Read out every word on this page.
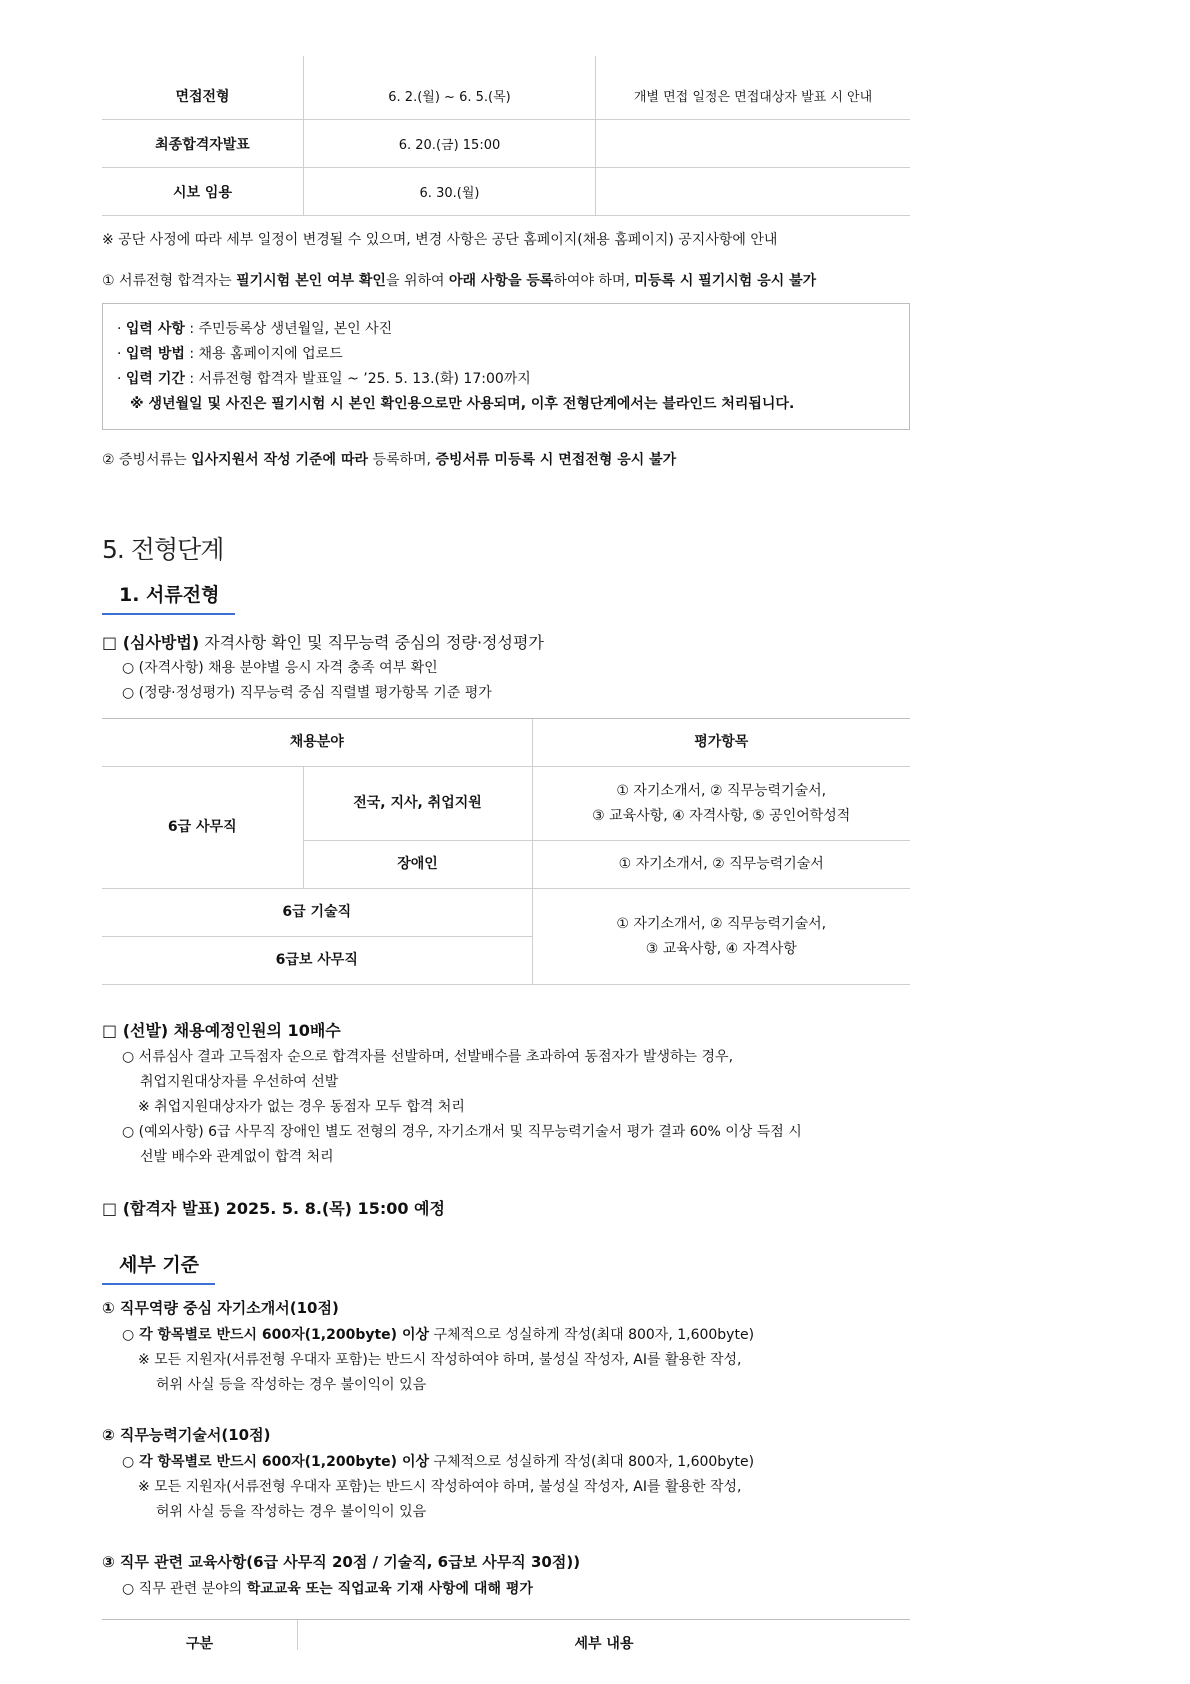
면접전형	6. 2.(월) ~ 6. 5.(목)	개별 면접 일정은 면접대상자 발표 시 안내
최종합격자발표	6. 20.(금) 15:00	
시보 임용	6. 30.(월)	
※ 공단 사정에 따라 세부 일정이 변경될 수 있으며, 변경 사항은 공단 홈페이지(채용 홈페이지) 공지사항에 안내
① 서류전형 합격자는 필기시험 본인 여부 확인을 위하여 아래 사항을 등록하여야 하며, 미등록 시 필기시험 응시 불가
· 입력 사항 : 주민등록상 생년월일, 본인 사진
· 입력 방법 : 채용 홈페이지에 업로드
· 입력 기간 : 서류전형 합격자 발표일 ~ ’25. 5. 13.(화) 17:00까지
※ 생년월일 및 사진은 필기시험 시 본인 확인용으로만 사용되며, 이후 전형단계에서는 블라인드 처리됩니다.
② 증빙서류는 입사지원서 작성 기준에 따라 등록하며, 증빙서류 미등록 시 면접전형 응시 불가
5. 전형단계
1. 서류전형
□ (심사방법) 자격사항 확인 및 직무능력 중심의 정량·정성평가
○ (자격사항) 채용 분야별 응시 자격 충족 여부 확인
○ (정량·정성평가) 직무능력 중심 직렬별 평가항목 기준 평가
채용분야		평가항목
6급 사무직	전국, 지사, 취업지원	① 자기소개서, ② 직무능력기술서,
③ 교육사항, ④ 자격사항, ⑤ 공인어학성적

	장애인	① 자기소개서, ② 직무능력기술서
6급 기술직		① 자기소개서, ② 직무능력기술서,
③ 교육사항, ④ 자격사항

6급보 사무직		
□ (선발) 채용예정인원의 10배수
○ 서류심사 결과 고득점자 순으로 합격자를 선발하며, 선발배수를 초과하여 동점자가 발생하는 경우,
취업지원대상자를 우선하여 선발
※ 취업지원대상자가 없는 경우 동점자 모두 합격 처리
○ (예외사항) 6급 사무직 장애인 별도 전형의 경우, 자기소개서 및 직무능력기술서 평가 결과 60% 이상 득점 시
선발 배수와 관계없이 합격 처리
□ (합격자 발표) 2025. 5. 8.(목) 15:00 예정
세부 기준
① 직무역량 중심 자기소개서(10점)
○ 각 항목별로 반드시 600자(1,200byte) 이상 구체적으로 성실하게 작성(최대 800자, 1,600byte)
※ 모든 지원자(서류전형 우대자 포함)는 반드시 작성하여야 하며, 불성실 작성자, AI를 활용한 작성,
허위 사실 등을 작성하는 경우 불이익이 있음
② 직무능력기술서(10점)
○ 각 항목별로 반드시 600자(1,200byte) 이상 구체적으로 성실하게 작성(최대 800자, 1,600byte)
※ 모든 지원자(서류전형 우대자 포함)는 반드시 작성하여야 하며, 불성실 작성자, AI를 활용한 작성,
허위 사실 등을 작성하는 경우 불이익이 있음
③ 직무 관련 교육사항(6급 사무직 20점 / 기술직, 6급보 사무직 30점))
○ 직무 관련 분야의 학교교육 또는 직업교육 기재 사항에 대해 평가
구분	세부 내용
